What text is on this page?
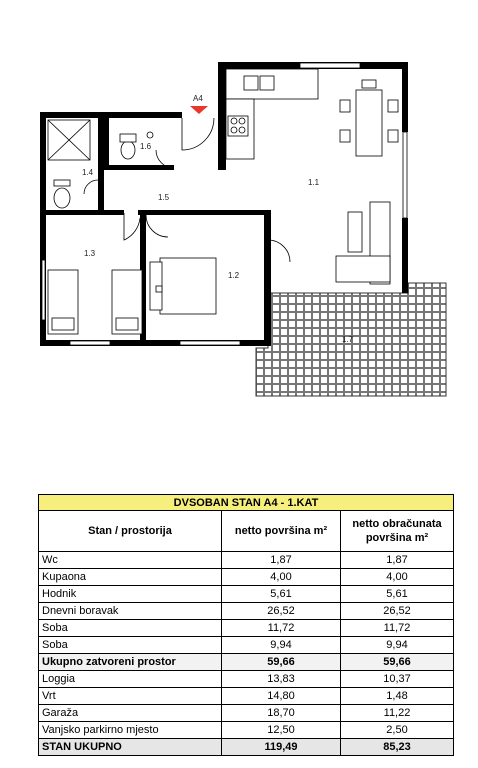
A4
1.1
1.2
1.3
1.4
1.5
1.6
1.7
DVSOBAN STAN A4 - 1.KAT		
Stan / prostorija	netto površina m²	netto obračunata površina m²
Wc	1,87	1,87
Kupaona	4,00	4,00
Hodnik	5,61	5,61
Dnevni boravak	26,52	26,52
Soba	11,72	11,72
Soba	9,94	9,94
Ukupno zatvoreni prostor	59,66	59,66
Loggia	13,83	10,37
Vrt	14,80	1,48
Garaža	18,70	11,22
Vanjsko parkirno mjesto	12,50	2,50
STAN UKUPNO	119,49	85,23
